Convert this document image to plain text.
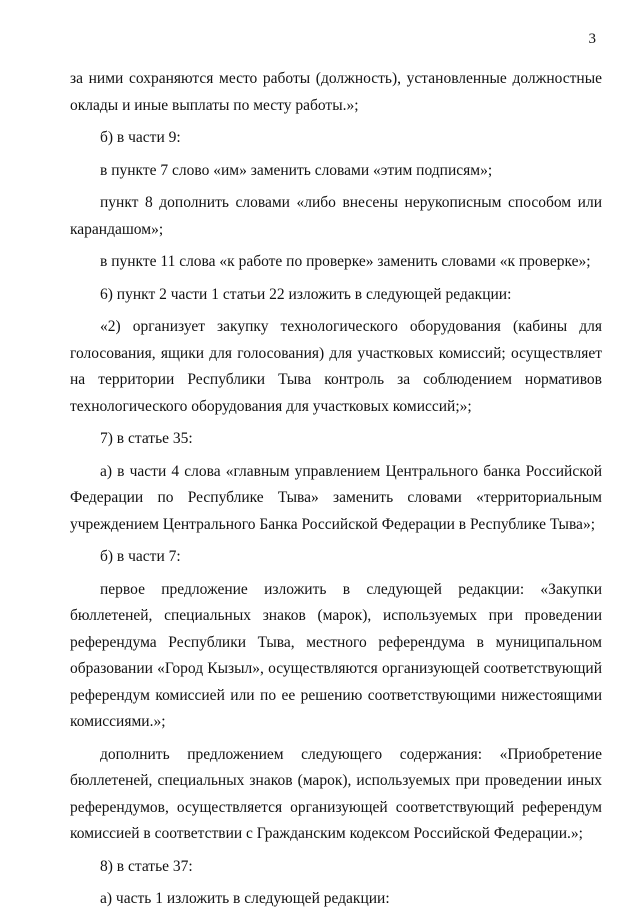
3

за ними сохраняются место работы (должность), установленные должностные оклады и иные выплаты по месту работы.»;

б) в части 9:

в пункте 7 слово «им» заменить словами «этим подписям»;

пункт 8 дополнить словами «либо внесены нерукописным способом или карандашом»;

в пункте 11 слова «к работе по проверке» заменить словами «к проверке»;

6) пункт 2 части 1 статьи 22 изложить в следующей редакции:

«2) организует закупку технологического оборудования (кабины для голосования, ящики для голосования) для участковых комиссий; осуществляет на территории Республики Тыва контроль за соблюдением нормативов технологического оборудования для участковых комиссий;»;

7) в статье 35:

а) в части 4 слова «главным управлением Центрального банка Российской Федерации по Республике Тыва» заменить словами «территориальным учреждением Центрального Банка Российской Федерации в Республике Тыва»;

б) в части 7:

первое предложение изложить в следующей редакции: «Закупки бюллетеней, специальных знаков (марок), используемых при проведении референдума Республики Тыва, местного референдума в муниципальном образовании «Город Кызыл», осуществляются организующей соответствующий референдум комиссией или по ее решению соответствующими нижестоящими комиссиями.»;

дополнить предложением следующего содержания: «Приобретение бюллетеней, специальных знаков (марок), используемых при проведении иных референдумов, осуществляется организующей соответствующий референдум комиссией в соответствии с Гражданским кодексом Российской Федерации.»;

8) в статье 37:

а) часть 1 изложить в следующей редакции:
